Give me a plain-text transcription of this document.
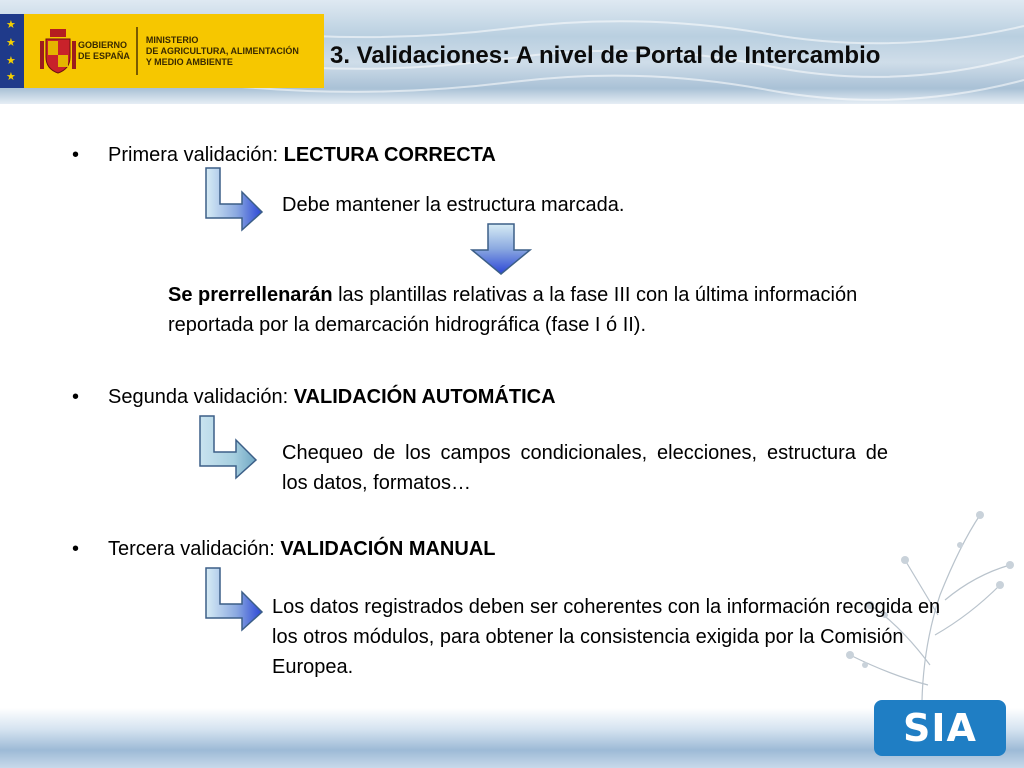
★
★
★
★
GOBIERNO
DE ESPAÑA
MINISTERIO
DE AGRICULTURA, ALIMENTACIÓN
Y MEDIO AMBIENTE	3. Validaciones: A nivel de Portal de Intercambio
• Primera validación: LECTURA CORRECTA
Debe mantener la estructura marcada.
Se prerrellenarán las plantillas relativas a la fase III con la última información reportada por la demarcación hidrográfica (fase I ó II).
• Segunda validación: VALIDACIÓN AUTOMÁTICA
Chequeo de los campos condicionales, elecciones, estructura de los datos, formatos…
• Tercera validación: VALIDACIÓN MANUAL
Los datos registrados deben ser coherentes con la información recogida en los otros módulos, para obtener la consistencia exigida por la Comisión Europea.
SIA
